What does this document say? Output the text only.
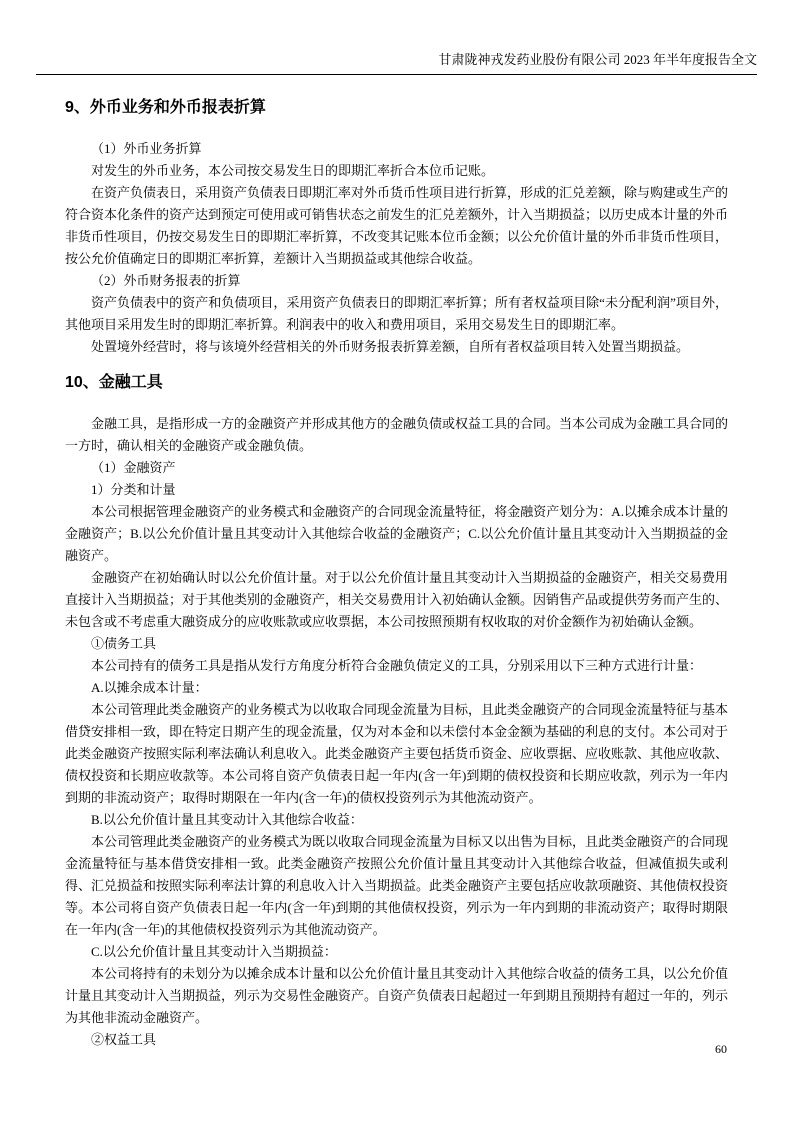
甘肃陇神戎发药业股份有限公司 2023 年半年度报告全文
9、外币业务和外币报表折算

（1）外币业务折算

对发生的外币业务，本公司按交易发生日的即期汇率折合本位币记账。

在资产负债表日，采用资产负债表日即期汇率对外币货币性项目进行折算，形成的汇兑差额，除与购建或生产的符合资本化条件的资产达到预定可使用或可销售状态之前发生的汇兑差额外，计入当期损益；以历史成本计量的外币非货币性项目，仍按交易发生日的即期汇率折算，不改变其记账本位币金额；以公允价值计量的外币非货币性项目，按公允价值确定日的即期汇率折算，差额计入当期损益或其他综合收益。

（2）外币财务报表的折算

资产负债表中的资产和负债项目，采用资产负债表日的即期汇率折算；所有者权益项目除“未分配利润”项目外，其他项目采用发生时的即期汇率折算。利润表中的收入和费用项目，采用交易发生日的即期汇率。

处置境外经营时，将与该境外经营相关的外币财务报表折算差额，自所有者权益项目转入处置当期损益。

10、金融工具

金融工具，是指形成一方的金融资产并形成其他方的金融负债或权益工具的合同。当本公司成为金融工具合同的一方时，确认相关的金融资产或金融负债。

（1）金融资产

1）分类和计量

本公司根据管理金融资产的业务模式和金融资产的合同现金流量特征，将金融资产划分为：A.以摊余成本计量的金融资产；B.以公允价值计量且其变动计入其他综合收益的金融资产；C.以公允价值计量且其变动计入当期损益的金融资产。

金融资产在初始确认时以公允价值计量。对于以公允价值计量且其变动计入当期损益的金融资产，相关交易费用直接计入当期损益；对于其他类别的金融资产，相关交易费用计入初始确认金额。因销售产品或提供劳务而产生的、未包含或不考虑重大融资成分的应收账款或应收票据，本公司按照预期有权收取的对价金额作为初始确认金额。

①债务工具

本公司持有的债务工具是指从发行方角度分析符合金融负债定义的工具，分别采用以下三种方式进行计量：

A.以摊余成本计量：

本公司管理此类金融资产的业务模式为以收取合同现金流量为目标，且此类金融资产的合同现金流量特征与基本借贷安排相一致，即在特定日期产生的现金流量，仅为对本金和以未偿付本金金额为基础的利息的支付。本公司对于此类金融资产按照实际利率法确认利息收入。此类金融资产主要包括货币资金、应收票据、应收账款、其他应收款、债权投资和长期应收款等。本公司将自资产负债表日起一年内(含一年)到期的债权投资和长期应收款，列示为一年内到期的非流动资产；取得时期限在一年内(含一年)的债权投资列示为其他流动资产。

B.以公允价值计量且其变动计入其他综合收益：

本公司管理此类金融资产的业务模式为既以收取合同现金流量为目标又以出售为目标，且此类金融资产的合同现金流量特征与基本借贷安排相一致。此类金融资产按照公允价值计量且其变动计入其他综合收益，但减值损失或利得、汇兑损益和按照实际利率法计算的利息收入计入当期损益。此类金融资产主要包括应收款项融资、其他债权投资等。本公司将自资产负债表日起一年内(含一年)到期的其他债权投资，列示为一年内到期的非流动资产；取得时期限在一年内(含一年)的其他债权投资列示为其他流动资产。

C.以公允价值计量且其变动计入当期损益：

本公司将持有的未划分为以摊余成本计量和以公允价值计量且其变动计入其他综合收益的债务工具，以公允价值计量且其变动计入当期损益，列示为交易性金融资产。自资产负债表日起超过一年到期且预期持有超过一年的，列示为其他非流动金融资产。

②权益工具

60
